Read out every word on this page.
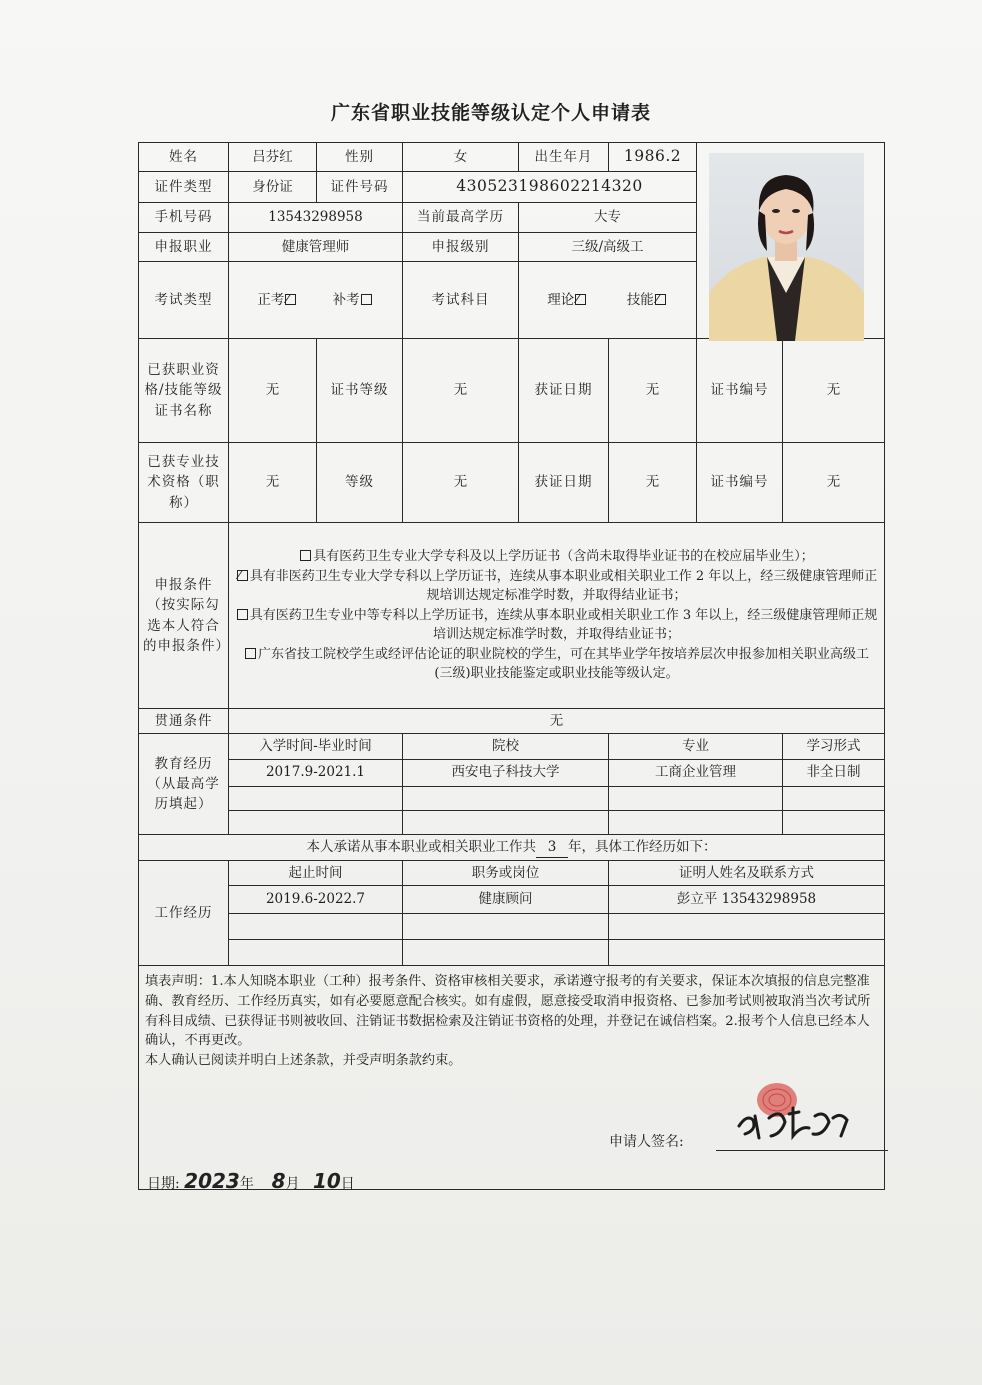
广东省职业技能等级认定个人申请表
姓名	吕芬红	性别	女	出生年月	1986.2	

证件类型	身份证	证件号码	430523198602214320				
手机号码	13543298958		当前最高学历	大专			
申报职业	健康管理师		申报级别	三级/高级工			
考试类型	正考 补考		考试科目	理论 技能			
已获职业资格/技能等级证书名称	无	证书等级	无	获证日期	无	证书编号	无
已获专业技术资格（职称）	无	等级	无	获证日期	无	证书编号	无
申报条件（按实际勾选本人符合的申报条件）	具有医药卫生专业大学专科及以上学历证书（含尚未取得毕业证书的在校应届毕业生）；
具有非医药卫生专业大学专科以上学历证书，连续从事本职业或相关职业工作 2 年以上，经三级健康管理师正规培训达规定标准学时数，并取得结业证书；
具有医药卫生专业中等专科以上学历证书，连续从事本职业或相关职业工作 3 年以上，经三级健康管理师正规培训达规定标准学时数，并取得结业证书；
广东省技工院校学生或经评估论证的职业院校的学生，可在其毕业学年按培养层次申报参加相关职业高级工(三级)职业技能鉴定或职业技能等级认定。						

贯通条件	无						
教育经历（从最高学历填起）	入学时间-毕业时间		院校		专业		学习形式
	2017.9-2021.1		西安电子科技大学		工商企业管理		非全日制

本人承诺从事本职业或相关职业工作共 3 年，具体工作经历如下：							
工作经历	起止时间		职务或岗位		证明人姓名及联系方式		
	2019.6-2022.7		健康顾问		彭立平 13543298958		

填表声明：1.本人知晓本职业（工种）报考条件、资格审核相关要求，承诺遵守报考的有关要求，保证本次填报的信息完整准确、教育经历、工作经历真实，如有必要愿意配合核实。如有虚假，愿意接受取消申报资格、已参加考试则被取消当次考试所有科目成绩、已获得证书则被收回、注销证书数据检索及注销证书资格的处理，并登记在诚信档案。2.报考个人信息已经本人确认，不再更改。
本人确认已阅读并明白上述条款，并受声明条款约束。
申请人签名:
日期: 2023年 8月 10日							
